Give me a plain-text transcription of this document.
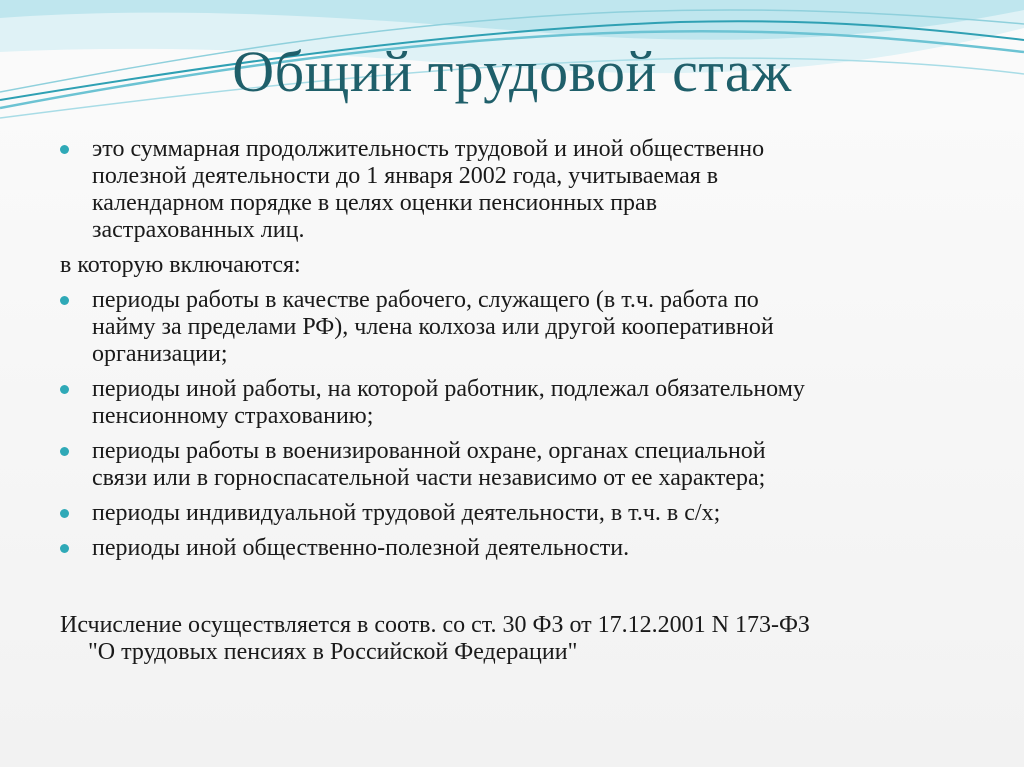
Общий трудовой стаж
это суммарная продолжительность трудовой и иной общественно
полезной деятельности до 1 января 2002 года, учитываемая в
календарном порядке в целях оценки пенсионных прав
застрахованных лиц.
в которую включаются:
периоды работы в качестве рабочего, служащего (в т.ч. работа по
найму за пределами РФ), члена колхоза или другой кооперативной
организации;
периоды иной работы, на которой работник, подлежал обязательному
пенсионному страхованию;
периоды работы в военизированной охране, органах специальной
связи или в горноспасательной части независимо от ее характера;
периоды индивидуальной трудовой деятельности, в т.ч. в с/х;
периоды иной общественно-полезной деятельности.
Исчисление осуществляется в соотв. со ст. 30 ФЗ от 17.12.2001 N 173-ФЗ
"О трудовых пенсиях в Российской Федерации"
